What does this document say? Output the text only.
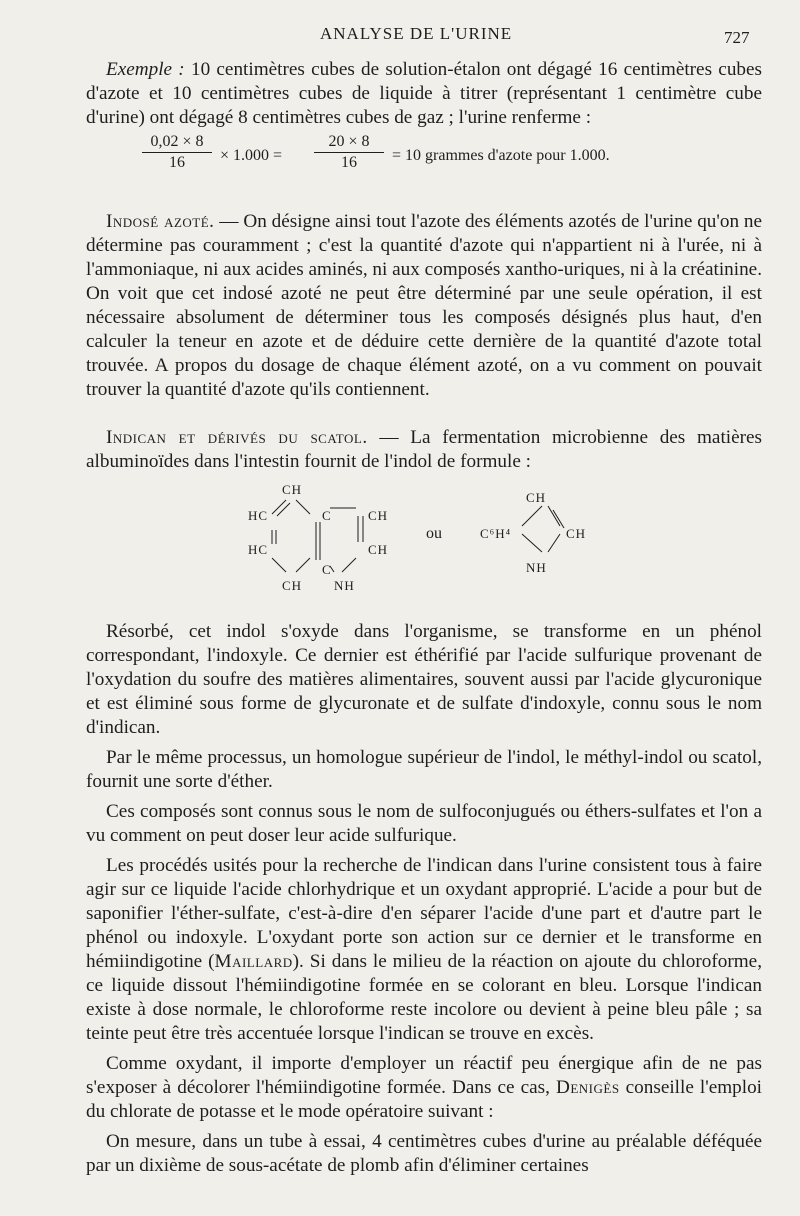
ANALYSE DE L'URINE	727

Exemple : 10 centimètres cubes de solution-étalon ont dégagé 16 centimètres cubes d'azote et 10 centimètres cubes de liquide à titrer (représentant 1 centimètre cube d'urine) ont dégagé 8 centimètres cubes de gaz ; l'urine renferme :

$\frac{0,02 \times 8}{16} \times 1.000 = \frac{20 \times 8}{16} = 10$ grammes d'azote pour 1.000.

Indosé azoté. — On désigne ainsi tout l'azote des éléments azotés de l'urine qu'on ne détermine pas couramment ; c'est la quantité d'azote qui n'appartient ni à l'urée, ni à l'ammoniaque, ni aux acides aminés, ni aux composés xantho-uriques, ni à la créatinine. On voit que cet indosé azoté ne peut être déterminé par une seule opération, il est nécessaire absolument de déterminer tous les composés désignés plus haut, d'en calculer la teneur en azote et de déduire cette dernière de la quantité d'azote total trouvée. A propos du dosage de chaque élément azoté, on a vu comment on pouvait trouver la quantité d'azote qu'ils contiennent.

Indican et dérivés du scatol. — La fermentation microbienne des matières albuminoïdes dans l'intestin fournit de l'indol de formule :

CH
HC	C	CH
HC	CH
C
CH NH
ou
CH
C⁶H⁴	CH
NH

Résorbé, cet indol s'oxyde dans l'organisme, se transforme en un phénol correspondant, l'indoxyle. Ce dernier est éthérifié par l'acide sulfurique provenant de l'oxydation du soufre des matières alimentaires, souvent aussi par l'acide glycuronique et est éliminé sous forme de glycuronate et de sulfate d'indoxyle, connu sous le nom d'indican.

Par le même processus, un homologue supérieur de l'indol, le méthyl-indol ou scatol, fournit une sorte d'éther.

Ces composés sont connus sous le nom de sulfoconjugués ou éthers-sulfates et l'on a vu comment on peut doser leur acide sulfurique.

Les procédés usités pour la recherche de l'indican dans l'urine consistent tous à faire agir sur ce liquide l'acide chlorhydrique et un oxydant approprié. L'acide a pour but de saponifier l'éther-sulfate, c'est-à-dire d'en séparer l'acide d'une part et d'autre part le phénol ou indoxyle. L'oxydant porte son action sur ce dernier et le transforme en hémiindigotine (Maillard). Si dans le milieu de la réaction on ajoute du chloroforme, ce liquide dissout l'hémiindigotine formée en se colorant en bleu. Lorsque l'indican existe à dose normale, le chloroforme reste incolore ou devient à peine bleu pâle ; sa teinte peut être très accentuée lorsque l'indican se trouve en excès.

Comme oxydant, il importe d'employer un réactif peu énergique afin de ne pas s'exposer à décolorer l'hémiindigotine formée. Dans ce cas, Denigès conseille l'emploi du chlorate de potasse et le mode opératoire suivant :

On mesure, dans un tube à essai, 4 centimètres cubes d'urine au préalable déféquée par un dixième de sous-acétate de plomb afin d'éliminer certaines
